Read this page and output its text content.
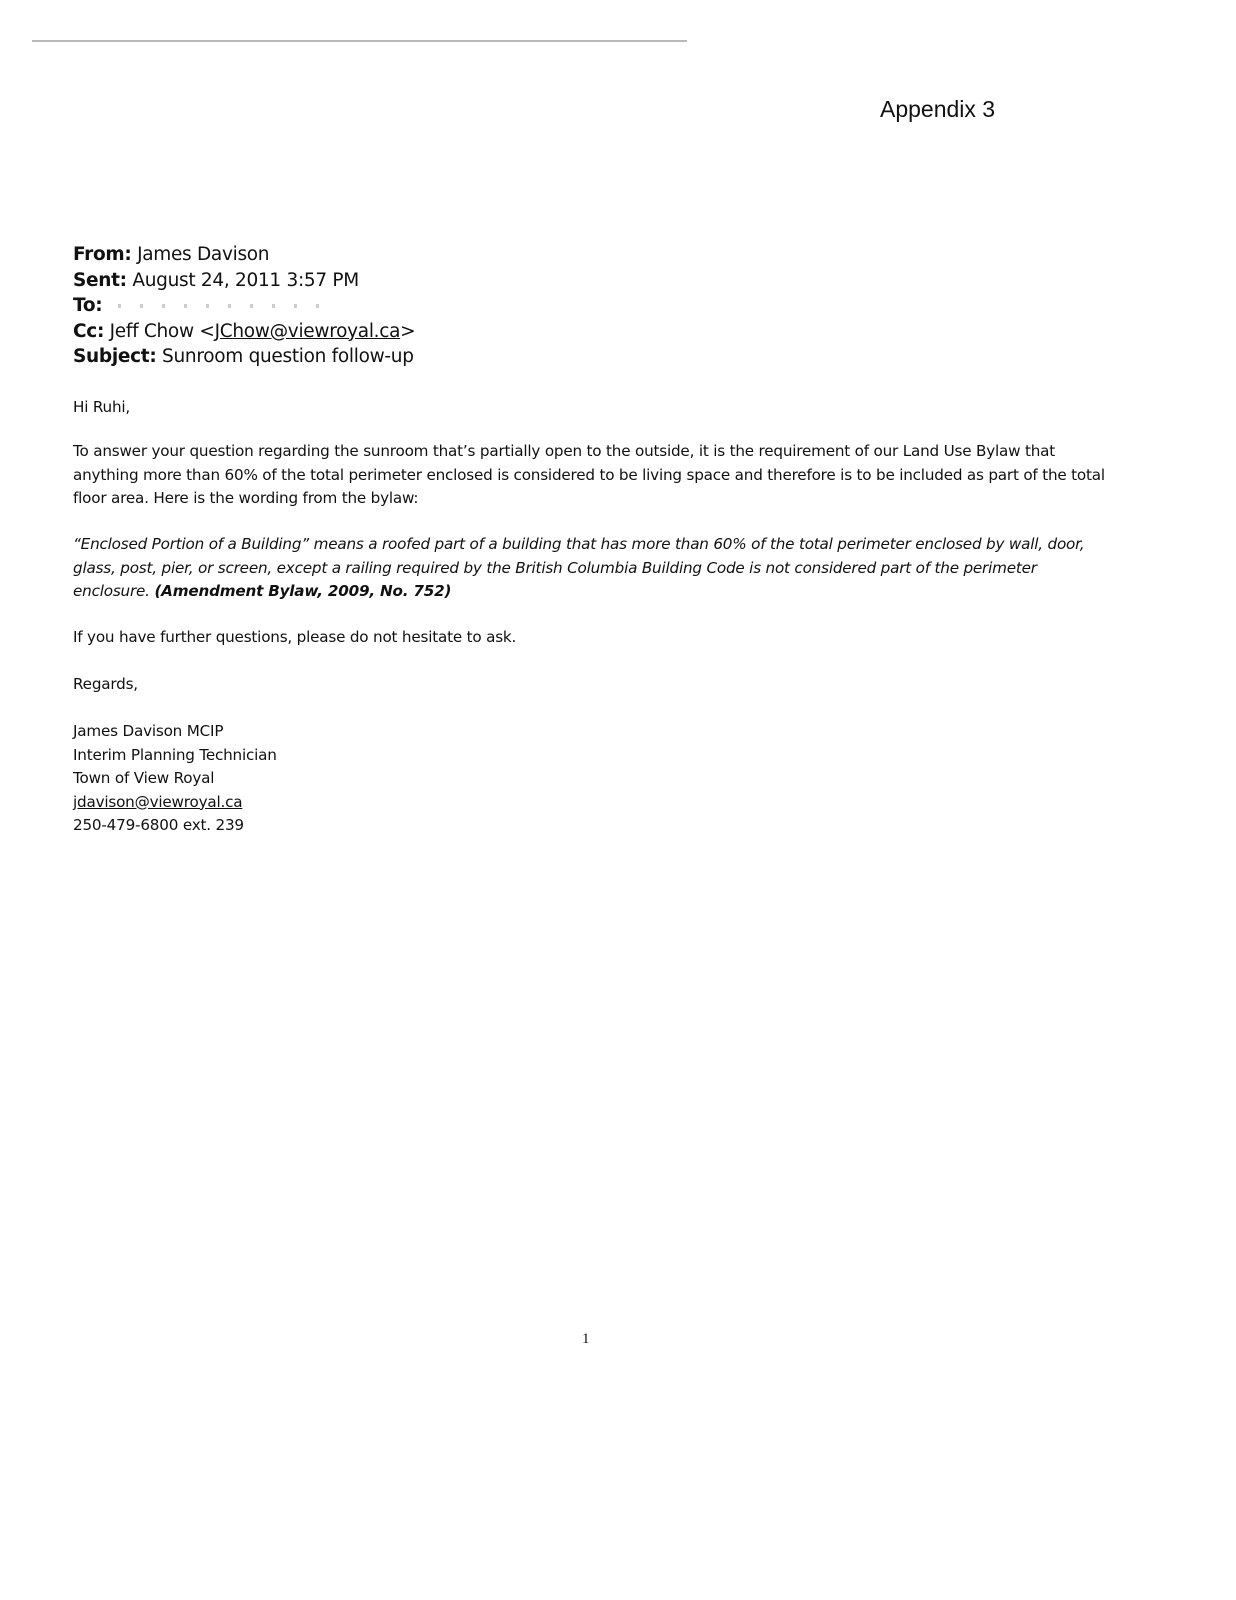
Appendix 3
From: James Davison
Sent: August 24, 2011 3:57 PM
To:
Cc: Jeff Chow <JChow@viewroyal.ca>
Subject: Sunroom question follow-up
Hi Ruhi,
To answer your question regarding the sunroom that’s partially open to the outside, it is the requirement of our Land Use Bylaw that anything more than 60% of the total perimeter enclosed is considered to be living space and therefore is to be included as part of the total floor area. Here is the wording from the bylaw:
“Enclosed Portion of a Building” means a roofed part of a building that has more than 60% of the total perimeter enclosed by wall, door, glass, post, pier, or screen, except a railing required by the British Columbia Building Code is not considered part of the perimeter enclosure. (Amendment Bylaw, 2009, No. 752)
If you have further questions, please do not hesitate to ask.
Regards,
James Davison MCIP
Interim Planning Technician
Town of View Royal
jdavison@viewroyal.ca
250-479-6800 ext. 239
1
